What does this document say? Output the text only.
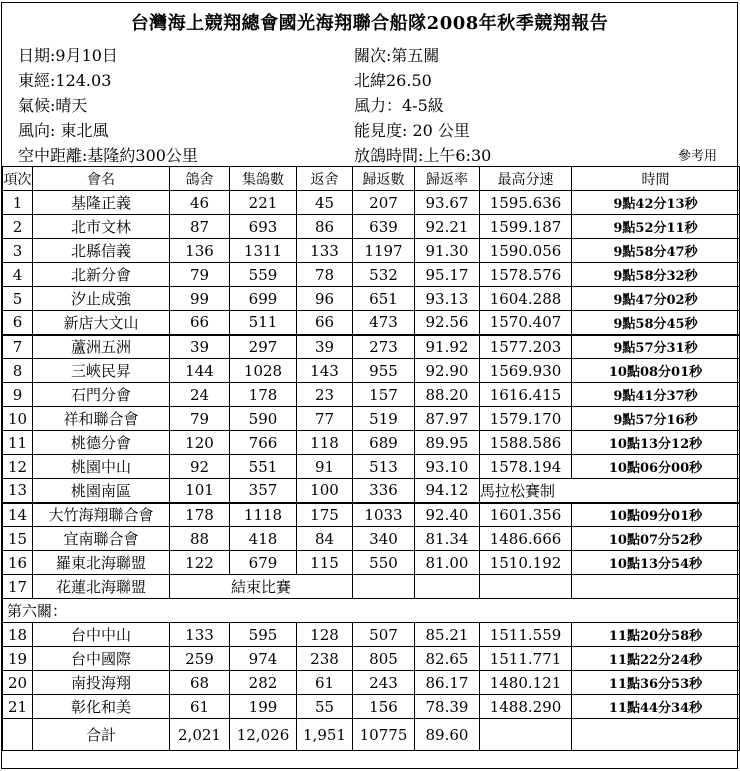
台灣海上競翔總會國光海翔聯合船隊2008年秋季競翔報告
日期:9月10日	關次:第五關
東經:124.03	北緯26.50
氣候:晴天	風力：4-5級
風向: 東北風	能見度: 20 公里
空中距離:基隆約300公里	放鴿時間:上午6:30	參考用
項次	會名	鴿舍	集鴿數	返舍	歸返數	歸返率	最高分速	時間
1	基隆正義	46	221	45	207	93.67	1595.636	9點42分13秒
2	北市文林	87	693	86	639	92.21	1599.187	9點52分11秒
3	北縣信義	136	1311	133	1197	91.30	1590.056	9點58分47秒
4	北新分會	79	559	78	532	95.17	1578.576	9點58分32秒
5	汐止成強	99	699	96	651	93.13	1604.288	9點47分02秒
6	新店大文山	66	511	66	473	92.56	1570.407	9點58分45秒
7	蘆洲五洲	39	297	39	273	91.92	1577.203	9點57分31秒
8	三峽民昇	144	1028	143	955	92.90	1569.930	10點08分01秒
9	石門分會	24	178	23	157	88.20	1616.415	9點41分37秒
10	祥和聯合會	79	590	77	519	87.97	1579.170	9點57分16秒
11	桃德分會	120	766	118	689	89.95	1588.586	10點13分12秒
12	桃園中山	92	551	91	513	93.10	1578.194	10點06分00秒
13	桃園南區	101	357	100	336	94.12	馬拉松賽制	
14	大竹海翔聯合會	178	1118	175	1033	92.40	1601.356	10點09分01秒
15	宜南聯合會	88	418	84	340	81.34	1486.666	10點07分52秒
16	羅東北海聯盟	122	679	115	550	81.00	1510.192	10點13分54秒
17	花蓮北海聯盟	結束比賽						
第六關：								
18	台中中山	133	595	128	507	85.21	1511.559	11點20分58秒
19	台中國際	259	974	238	805	82.65	1511.771	11點22分24秒
20	南投海翔	68	282	61	243	86.17	1480.121	11點36分53秒
21	彰化和美	61	199	55	156	78.39	1488.290	11點44分34秒
	合計	2,021	12,026	1,951	10775	89.60		
